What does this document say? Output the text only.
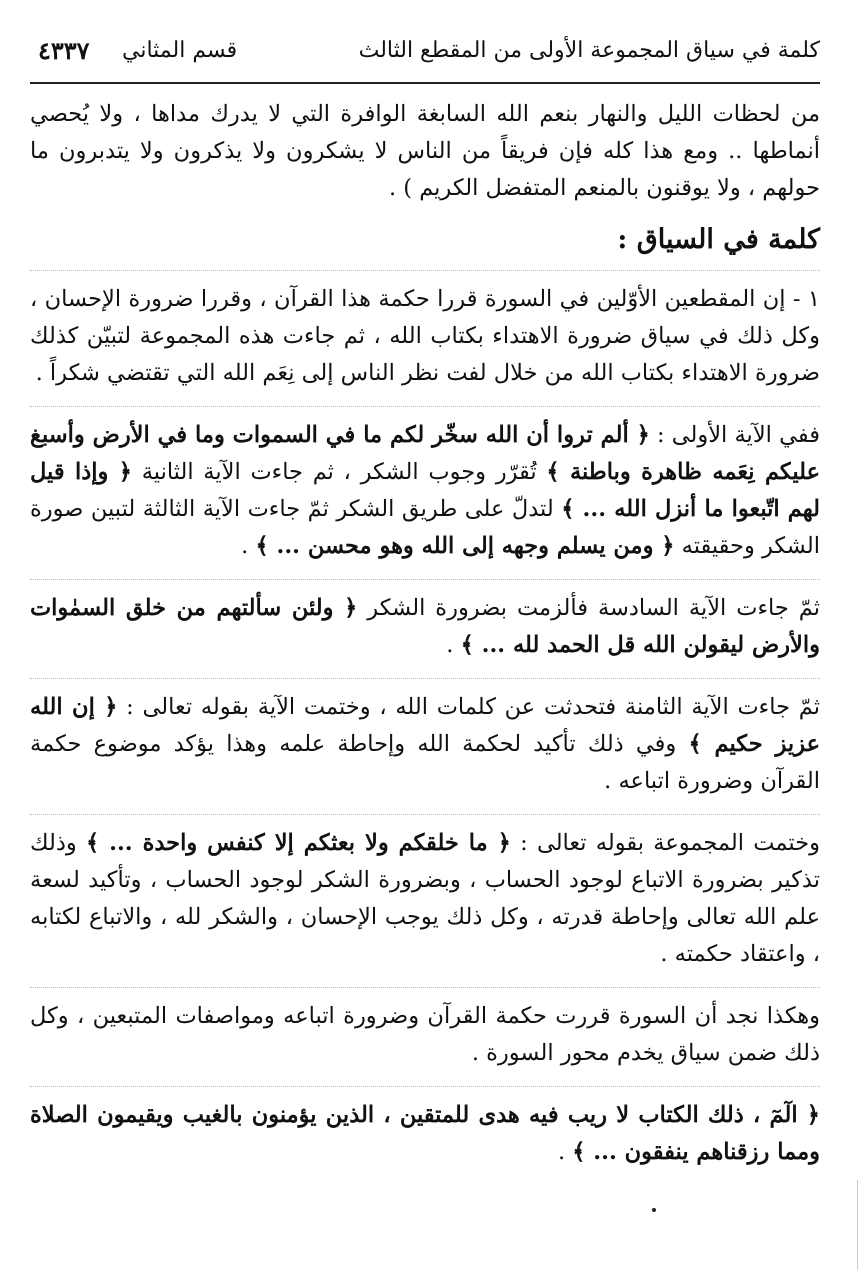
كلمة في سياق المجموعة الأولى من المقطع الثالث
قسم المثاني
٤٣٣٧

من لحظات الليل والنهار بنعم الله السابغة الوافرة التي لا يدرك مداها ، ولا يُحصي أنماطها .. ومع هذا كله فإن فريقاً من الناس لا يشكرون ولا يذكرون ولا يتدبرون ما حولهم ، ولا يوقنون بالمنعم المتفضل الكريم ) .

كلمة في السياق :

١ - إن المقطعين الأوّلين في السورة قررا حكمة هذا القرآن ، وقررا ضرورة الإحسان ، وكل ذلك في سياق ضرورة الاهتداء بكتاب الله ، ثم جاءت هذه المجموعة لتبيّن كذلك ضرورة الاهتداء بكتاب الله من خلال لفت نظر الناس إلى نِعَم الله التي تقتضي شكراً .

ففي الآية الأولى : ﴿ ألم تروا أن الله سخّر لكم ما في السموات وما في الأرض وأسبغ عليكم نِعَمه ظاهرة وباطنة ﴾ تُقرّر وجوب الشكر ، ثم جاءت الآية الثانية ﴿ وإذا قيل لهم اتّبعوا ما أنزل الله ... ﴾ لتدلّ على طريق الشكر ثمّ جاءت الآية الثالثة لتبين صورة الشكر وحقيقته ﴿ ومن يسلم وجهه إلى الله وهو محسن ... ﴾ .

ثمّ جاءت الآية السادسة فألزمت بضرورة الشكر ﴿ ولئن سألتهم من خلق السمٰوات والأرض ليقولن الله قل الحمد لله ... ﴾ .

ثمّ جاءت الآية الثامنة فتحدثت عن كلمات الله ، وختمت الآية بقوله تعالى : ﴿ إن الله عزيز حكيم ﴾ وفي ذلك تأكيد لحكمة الله وإحاطة علمه وهذا يؤكد موضوع حكمة القرآن وضرورة اتباعه .

وختمت المجموعة بقوله تعالى : ﴿ ما خلقكم ولا بعثكم إلا كنفس واحدة ... ﴾ وذلك تذكير بضرورة الاتباع لوجود الحساب ، وبضرورة الشكر لوجود الحساب ، وتأكيد لسعة علم الله تعالى وإحاطة قدرته ، وكل ذلك يوجب الإحسان ، والشكر لله ، والاتباع لكتابه ، واعتقاد حكمته .

وهكذا نجد أن السورة قررت حكمة القرآن وضرورة اتباعه ومواصفات المتبعين ، وكل ذلك ضمن سياق يخدم محور السورة .

﴿ الٓمٓ ، ذلك الكتاب لا ريب فيه هدى للمتقين ، الذين يؤمنون بالغيب ويقيمون الصلاة ومما رزقناهم ينفقون ... ﴾ .
